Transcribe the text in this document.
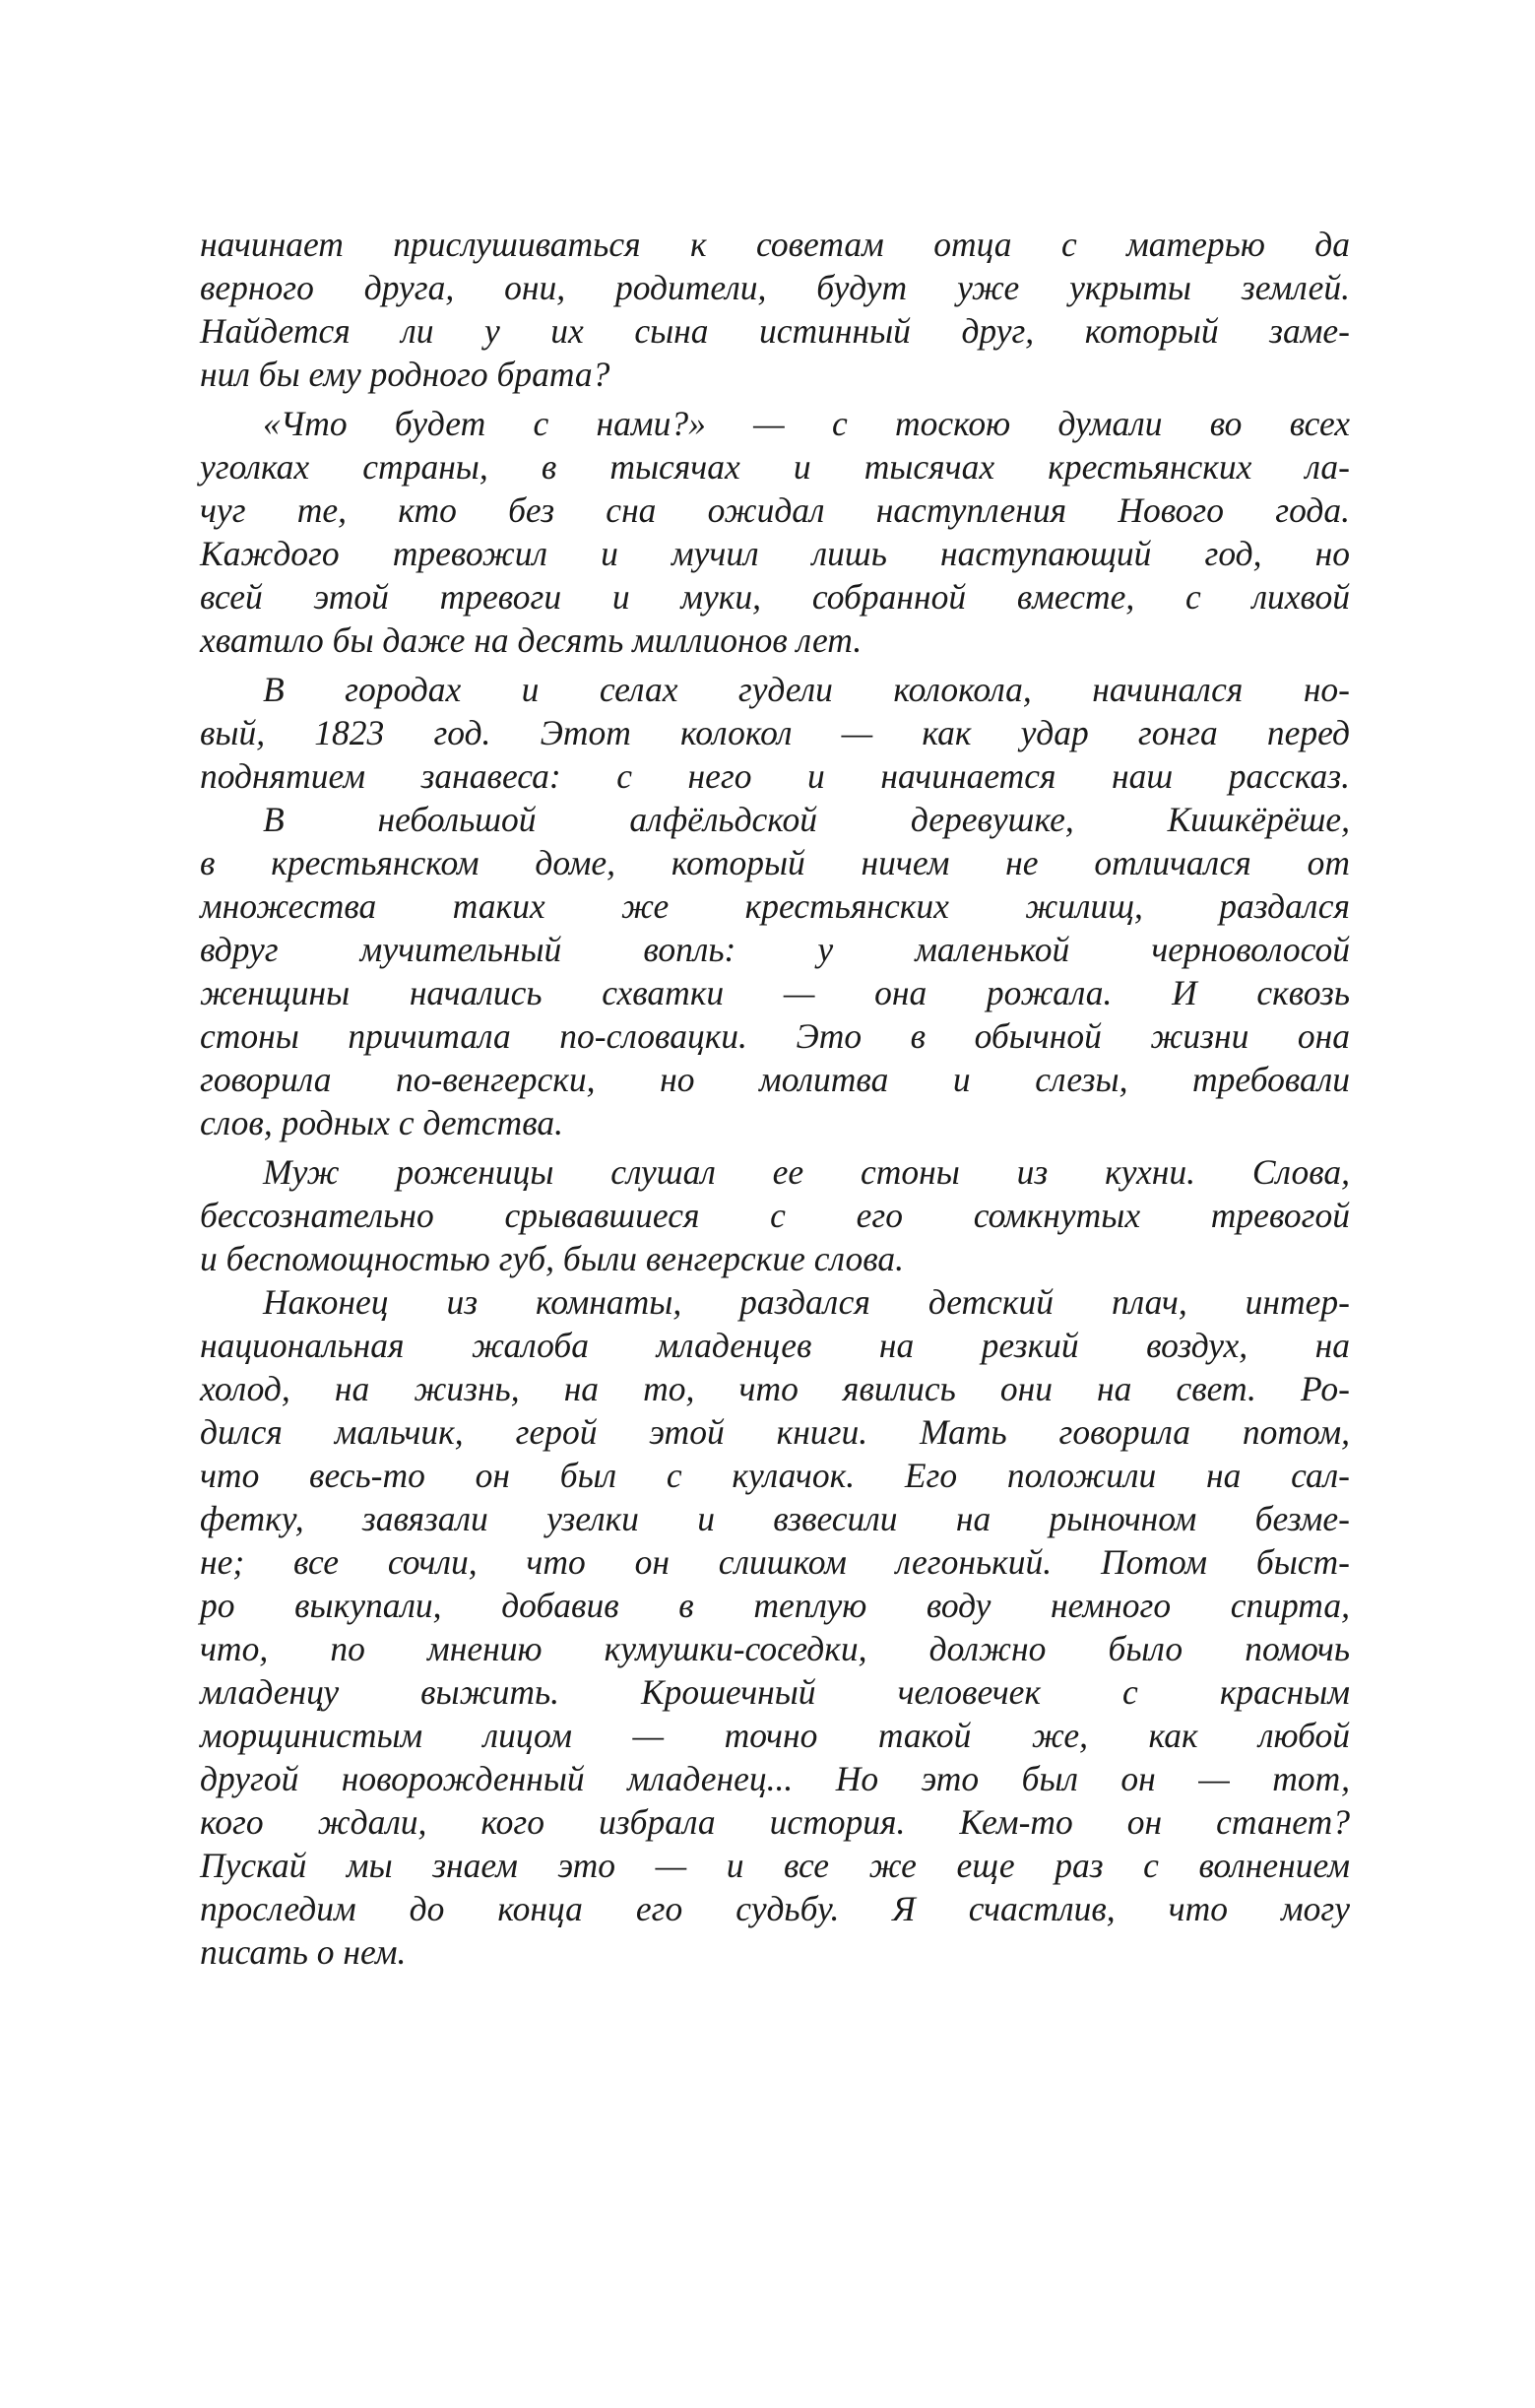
начинает прислушиваться к советам отца с матерью да
верного друга, они, родители, будут уже укрыты землей.
Найдется ли у их сына истинный друг, который заме-
нил бы ему родного брата?

«Что будет с нами?» — с тоскою думали во всех
уголках страны, в тысячах и тысячах крестьянских ла-
чуг те, кто без сна ожидал наступления Нового года.
Каждого тревожил и мучил лишь наступающий год, но
всей этой тревоги и муки, собранной вместе, с лихвой
хватило бы даже на десять миллионов лет.

В городах и селах гудели колокола, начинался но-
вый, 1823 год. Этот колокол — как удар гонга перед
поднятием занавеса: с него и начинается наш рассказ.

В небольшой алфёльдской деревушке, Кишкёрёше,
в крестьянском доме, который ничем не отличался от
множества таких же крестьянских жилищ, раздался
вдруг мучительный вопль: у маленькой черноволосой
женщины начались схватки — она рожала. И сквозь
стоны причитала по-словацки. Это в обычной жизни она
говорила по-венгерски, но молитва и слезы, требовали
слов, родных с детства.

Муж роженицы слушал ее стоны из кухни. Слова,
бессознательно срывавшиеся с его сомкнутых тревогой
и беспомощностью губ, были венгерские слова.

Наконец из комнаты, раздался детский плач, интер-
национальная жалоба младенцев на резкий воздух, на
холод, на жизнь, на то, что явились они на свет. Ро-
дился мальчик, герой этой книги. Мать говорила потом,
что весь-то он был с кулачок. Его положили на сал-
фетку, завязали узелки и взвесили на рыночном безме-
не; все сочли, что он слишком легонький. Потом быст-
ро выкупали, добавив в теплую воду немного спирта,
что, по мнению кумушки-соседки, должно было помочь
младенцу выжить. Крошечный человечек с красным
морщинистым лицом — точно такой же, как любой
другой новорожденный младенец... Но это был он — тот,
кого ждали, кого избрала история. Кем-то он станет?
Пускай мы знаем это — и все же еще раз с волнением
проследим до конца его судьбу. Я счастлив, что могу
писать о нем.
